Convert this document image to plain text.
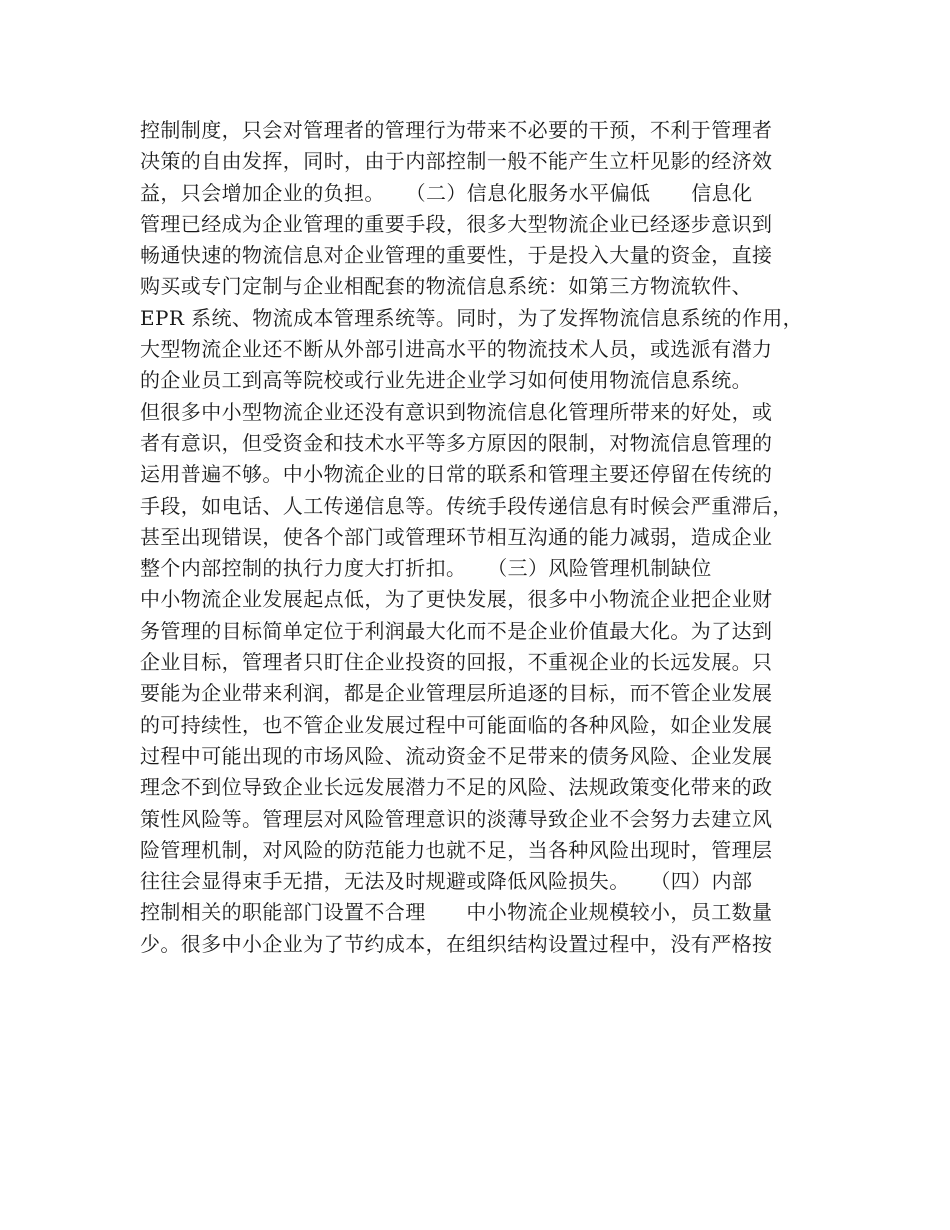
控制制度，只会对管理者的管理行为带来不必要的干预，不利于管理者
决策的自由发挥，同时，由于内部控制一般不能产生立杆见影的经济效
益，只会增加企业的负担。　　（二）信息化服务水平偏低　　信息化
管理已经成为企业管理的重要手段，很多大型物流企业已经逐步意识到
畅通快速的物流信息对企业管理的重要性，于是投入大量的资金，直接
购买或专门定制与企业相配套的物流信息系统：如第三方物流软件、
EPR 系统、物流成本管理系统等。同时，为了发挥物流信息系统的作用，
大型物流企业还不断从外部引进高水平的物流技术人员，或选派有潜力
的企业员工到高等院校或行业先进企业学习如何使用物流信息系统。
但很多中小型物流企业还没有意识到物流信息化管理所带来的好处，或
者有意识，但受资金和技术水平等多方原因的限制，对物流信息管理的
运用普遍不够。中小物流企业的日常的联系和管理主要还停留在传统的
手段，如电话、人工传递信息等。传统手段传递信息有时候会严重滞后，
甚至出现错误，使各个部门或管理环节相互沟通的能力减弱，造成企业
整个内部控制的执行力度大打折扣。　　（三）风险管理机制缺位
中小物流企业发展起点低，为了更快发展，很多中小物流企业把企业财
务管理的目标简单定位于利润最大化而不是企业价值最大化。为了达到
企业目标，管理者只盯住企业投资的回报，不重视企业的长远发展。只
要能为企业带来利润，都是企业管理层所追逐的目标，而不管企业发展
的可持续性，也不管企业发展过程中可能面临的各种风险，如企业发展
过程中可能出现的市场风险、流动资金不足带来的债务风险、企业发展
理念不到位导致企业长远发展潜力不足的风险、法规政策变化带来的政
策性风险等。管理层对风险管理意识的淡薄导致企业不会努力去建立风
险管理机制，对风险的防范能力也就不足，当各种风险出现时，管理层
往往会显得束手无措，无法及时规避或降低风险损失。　　（四）内部
控制相关的职能部门设置不合理　　中小物流企业规模较小，员工数量
少。很多中小企业为了节约成本，在组织结构设置过程中，没有严格按
